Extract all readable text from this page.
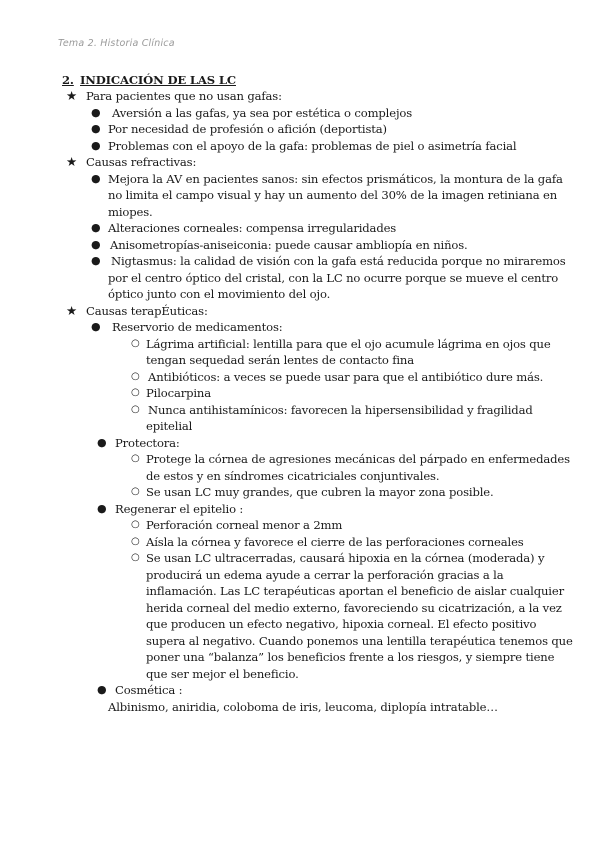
Tema 2. Historia Clínica
2. INDICACIÓN DE LAS LC
★ Para pacientes que no usan gafas:
● Aversión a las gafas, ya sea por estética o complejos
● Por necesidad de profesión o afición (deportista)
● Problemas con el apoyo de la gafa: problemas de piel o asimetría facial
★ Causas refractivas:
● Mejora la AV en pacientes sanos: sin efectos prismáticos, la montura de la gafa
no limita el campo visual y hay un aumento del 30% de la imagen retiniana en
miopes.
● Alteraciones corneales: compensa irregularidades
● Anisometropías-aniseiconia: puede causar ambliopía en niños.
● Nigtasmus: la calidad de visión con la gafa está reducida porque no miraremos
por el centro óptico del cristal, con la LC no ocurre porque se mueve el centro
óptico junto con el movimiento del ojo.
★ Causas terapÉuticas:
● Reservorio de medicamentos:
○ Lágrima artificial: lentilla para que el ojo acumule lágrima en ojos que
tengan sequedad serán lentes de contacto fina
○ Antibióticos: a veces se puede usar para que el antibiótico dure más.
○ Pilocarpina
○ Nunca antihistamínicos: favorecen la hipersensibilidad y fragilidad
epitelial
● Protectora:
○ Protege la córnea de agresiones mecánicas del párpado en enfermedades
de estos y en síndromes cicatriciales conjuntivales.
○ Se usan LC muy grandes, que cubren la mayor zona posible.
● Regenerar el epitelio :
○ Perforación corneal menor a 2mm
○ Aísla la córnea y favorece el cierre de las perforaciones corneales
○ Se usan LC ultracerradas, causará hipoxia en la córnea (moderada) y
producirá un edema ayude a cerrar la perforación gracias a la
inflamación. Las LC terapéuticas aportan el beneficio de aislar cualquier
herida corneal del medio externo, favoreciendo su cicatrización, a la vez
que producen un efecto negativo, hipoxia corneal. El efecto positivo
supera al negativo. Cuando ponemos una lentilla terapéutica tenemos que
poner una “balanza” los beneficios frente a los riesgos, y siempre tiene
que ser mejor el beneficio.
● Cosmética :
Albinismo, aniridia, coloboma de iris, leucoma, diplopía intratable…
